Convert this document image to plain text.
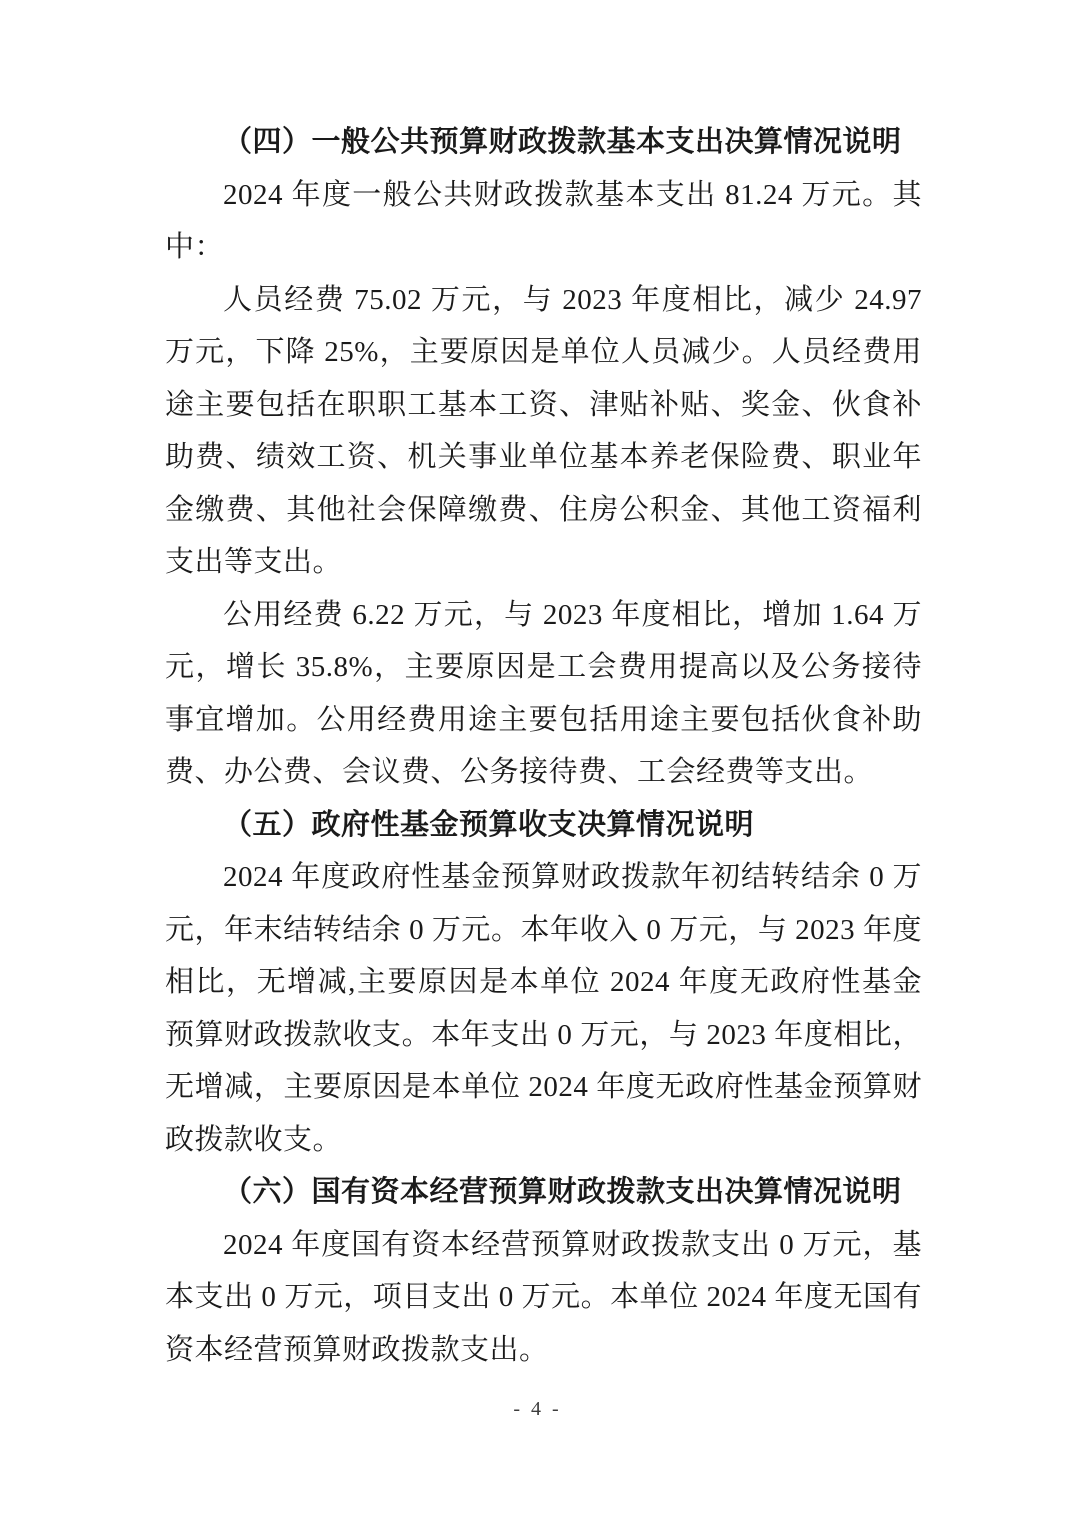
（四）一般公共预算财政拨款基本支出决算情况说明

2024 年度一般公共财政拨款基本支出 81.24 万元。其中：

人员经费 75.02 万元，与 2023 年度相比，减少 24.97 万元，下降 25%，主要原因是单位人员减少。人员经费用途主要包括在职职工基本工资、津贴补贴、奖金、伙食补助费、绩效工资、机关事业单位基本养老保险费、职业年金缴费、其他社会保障缴费、住房公积金、其他工资福利支出等支出。

公用经费 6.22 万元，与 2023 年度相比，增加 1.64 万元，增长 35.8%，主要原因是工会费用提高以及公务接待事宜增加。公用经费用途主要包括用途主要包括伙食补助费、办公费、会议费、公务接待费、工会经费等支出。

（五）政府性基金预算收支决算情况说明

2024 年度政府性基金预算财政拨款年初结转结余 0 万元，年末结转结余 0 万元。本年收入 0 万元，与 2023 年度相比，无增减,主要原因是本单位 2024 年度无政府性基金预算财政拨款收支。本年支出 0 万元，与 2023 年度相比，无增减，主要原因是本单位 2024 年度无政府性基金预算财政拨款收支。

（六）国有资本经营预算财政拨款支出决算情况说明

2024 年度国有资本经营预算财政拨款支出 0 万元，基本支出 0 万元，项目支出 0 万元。本单位 2024 年度无国有资本经营预算财政拨款支出。

- 4 -
